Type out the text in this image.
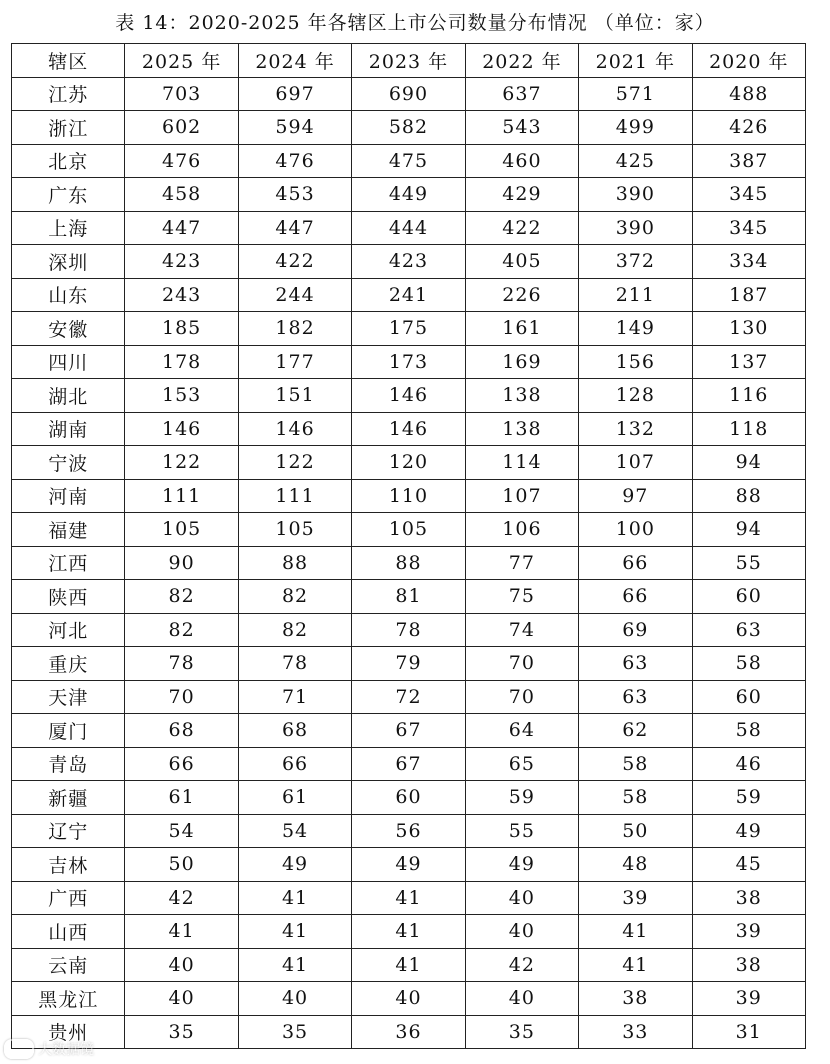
表 14：2020-2025 年各辖区上市公司数量分布情况 （单位：家）
辖区	2025 年	2024 年	2023 年	2022 年	2021 年	2020 年
江苏	703	697	690	637	571	488
浙江	602	594	582	543	499	426
北京	476	476	475	460	425	387
广东	458	453	449	429	390	345
上海	447	447	444	422	390	345
深圳	423	422	423	405	372	334
山东	243	244	241	226	211	187
安徽	185	182	175	161	149	130
四川	178	177	173	169	156	137
湖北	153	151	146	138	128	116
湖南	146	146	146	138	132	118
宁波	122	122	120	114	107	94
河南	111	111	110	107	97	88
福建	105	105	105	106	100	94
江西	90	88	88	77	66	55
陕西	82	82	81	75	66	60
河北	82	82	78	74	69	63
重庆	78	78	79	70	63	58
天津	70	71	72	70	63	60
厦门	68	68	67	64	62	58
青岛	66	66	67	65	58	46
新疆	61	61	60	59	58	59
辽宁	54	54	56	55	50	49
吉林	50	49	49	49	48	45
广西	42	41	41	40	39	38
山西	41	41	41	40	41	39
云南	40	41	41	42	41	38
黑龙江	40	40	40	40	38	39
贵州	35	35	36	35	33	31
大数据镜
